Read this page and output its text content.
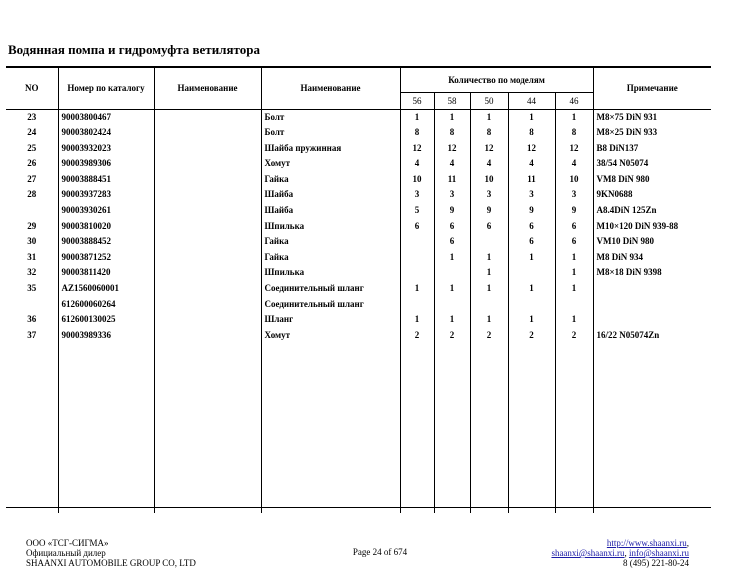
Водянная помпа и гидромуфта ветилятора
NO	Номер по каталогу	Наименование	Наименование	Количество по моделям					Примечание
				56	58	50	44	46	
23	90003800467		Болт	1	1	1	1	1	M8×75 DiN 931
24	90003802424		Болт	8	8	8	8	8	M8×25 DiN 933
25	90003932023		Шайба пружинная	12	12	12	12	12	B8 DiN137
26	90003989306		Хомут	4	4	4	4	4	38/54 N05074
27	90003888451		Гайка	10	11	10	11	10	VM8 DiN 980
28	90003937283		Шайба	3	3	3	3	3	9KN0688
	90003930261		Шайба	5	9	9	9	9	A8.4DiN 125Zn
29	90003810020		Шпилька	6	6	6	6	6	M10×120 DiN 939-88
30	90003888452		Гайка		6		6	6	VM10 DiN 980
31	90003871252		Гайка		1	1	1	1	M8 DiN 934
32	90003811420		Шпилька			1		1	M8×18 DiN 9398
35	AZ1560060001		Соединительный шланг	1	1	1	1	1	
	612600060264		Соединительный шланг						
36	612600130025		Шланг	1	1	1	1	1	
37	90003989336		Хомут	2	2	2	2	2	16/22 N05074Zn

ООО «ТСГ-СИГМА»
Официальный дилер
SHAANXI AUTOMOBILE GROUP CO, LTD
Page 24 of 674
http://www.shaanxi.ru,
shaanxi@shaanxi.ru, info@shaanxi.ru
8 (495) 221-80-24
